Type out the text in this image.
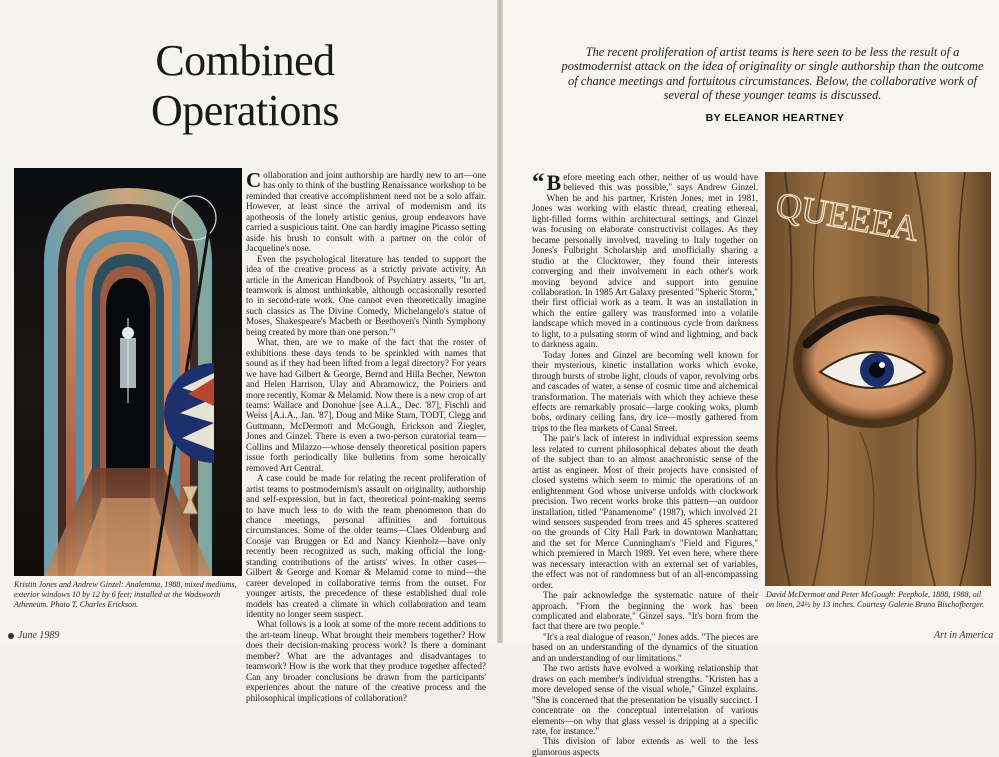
Combined
Operations
Kristin Jones and Andrew Ginzel: Analemma, 1988, mixed mediums, exterior windows 10 by 12 by 6 feet; installed at the Wadsworth Atheneum. Photo T. Charles Erickson.

Collaboration and joint authorship are hardly new to art—one has only to think of the bustling Renaissance workshop to be reminded that creative accomplishment need not be a solo affair. However, at least since the arrival of modernism and its apotheosis of the lonely artistic genius, group endeavors have carried a suspicious taint. One can hardly imagine Picasso setting aside his brush to consult with a partner on the color of Jacqueline's nose.

Even the psychological literature has tended to support the idea of the creative process as a strictly private activity. An article in the American Handbook of Psychiatry asserts, "In art, teamwork is almost unthinkable, although occasionally resorted to in second-rate work. One cannot even theoretically imagine such classics as The Divine Comedy, Michelangelo's statue of Moses, Shakespeare's Macbeth or Beethoven's Ninth Symphony being created by more than one person."¹

What, then, are we to make of the fact that the roster of exhibitions these days tends to be sprinkled with names that sound as if they had been lifted from a legal directory? For years we have had Gilbert & George, Bernd and Hilla Becher, Newton and Helen Harrison, Ulay and Abramowicz, the Poiriers and more recently, Komar & Melamid. Now there is a new crop of art teams: Wallace and Donohue [see A.i.A., Dec. '87], Fischli and Weiss [A.i.A., Jan. '87], Doug and Mike Starn, TODT, Clegg and Guttmann, McDermott and McGough, Erickson and Ziegler, Jones and Ginzel. There is even a two-person curatorial team—Collins and Milazzo—whose densely theoretical position papers issue forth periodically like bulletins from some heroically removed Art Central.

A case could be made for relating the recent proliferation of artist teams to postmodernism's assault on originality, authorship and self-expression, but in fact, theoretical point-making seems to have much less to do with the team phenomenon than do chance meetings, personal affinities and fortuitous circumstances. Some of the older teams—Claes Oldenburg and Coosje van Bruggen or Ed and Nancy Kienholz—have only recently been recognized as such, making official the long-standing contributions of the artists' wives. In other cases—Gilbert & George and Komar & Melamid come to mind—the career developed in collaborative terms from the outset. For younger artists, the precedence of these established dual role models has created a climate in which collaboration and team identity no longer seem suspect.

What follows is a look at some of the more recent additions to the art-team lineup. What brought their members together? How does their decision-making process work? Is there a dominant member? What are the advantages and disadvantages to teamwork? How is the work that they produce together affected? Can any broader conclusions be drawn from the participants' experiences about the nature of the creative process and the philosophical implications of collaboration?

June 1989
The recent proliferation of artist teams is here seen to be less the result of a postmodernist attack on the idea of originality or single authorship than the outcome of chance meetings and fortuitous circumstances. Below, the collaborative work of several of these younger teams is discussed.
BY ELEANOR HEARTNEY

“ B efore meeting each other, neither of us would have believed this was possible," says Andrew Ginzel. When he and his partner, Kristen Jones, met in 1981, Jones was working with elastic thread, creating ethereal, light-filled forms within architectural settings, and Ginzel was focusing on elaborate constructivist collages. As they became personally involved, traveling to Italy together on Jones's Fulbright Scholarship and unofficially sharing a studio at the Clocktower, they found their interests converging and their involvement in each other's work moving beyond advice and support into genuine collaboration. In 1985 Art Galaxy presented "Spheric Storm," their first official work as a team. It was an installation in which the entire gallery was transformed into a volatile landscape which moved in a continuous cycle from darkness to light, to a pulsating storm of wind and lightning, and back to darkness again.

Today Jones and Ginzel are becoming well known for their mysterious, kinetic installation works which evoke, through bursts of strobe light, clouds of vapor, revolving orbs and cascades of water, a sense of cosmic time and alchemical transformation. The materials with which they achieve these effects are remarkably prosaic—large cooking woks, plumb bobs, ordinary ceiling fans, dry ice—mostly gathered from trips to the flea markets of Canal Street.

The pair's lack of interest in individual expression seems less related to current philosophical debates about the death of the subject than to an almost anachronistic sense of the artist as engineer. Most of their projects have consisted of closed systems which seem to mimic the operations of an enlightenment God whose universe unfolds with clockwork precision. Two recent works broke this pattern—an outdoor installation, titled "Panamenome" (1987), which involved 21 wind sensors suspended from trees and 45 spheres scattered on the grounds of City Hall Park in downtown Manhattan; and the set for Merce Cunningham's "Field and Figures," which premiered in March 1989. Yet even here, where there was necessary interaction with an external set of variables, the effect was not of randomness but of an all-encompassing order.

The pair acknowledge the systematic nature of their approach. "From the beginning the work has been complicated and elaborate," Ginzel says. "It's born from the fact that there are two people."

"It's a real dialogue of reason," Jones adds. "The pieces are based on an understanding of the dynamics of the situation and an understanding of our limitations."

The two artists have evolved a working relationship that draws on each member's individual strengths. "Kristen has a more developed sense of the visual whole," Ginzel explains. "She is concerned that the presentation be visually succinct. I concentrate on the conceptual interrelation of various elements—on why that glass vessel is dripping at a specific rate, for instance."

This division of labor extends as well to the less glamorous aspects

QUEEEA
David McDermott and Peter McGough: Peephole, 1888, 1988, oil on linen, 24½ by 13 inches. Courtesy Galerie Bruno Bischofberger.
Art in America
